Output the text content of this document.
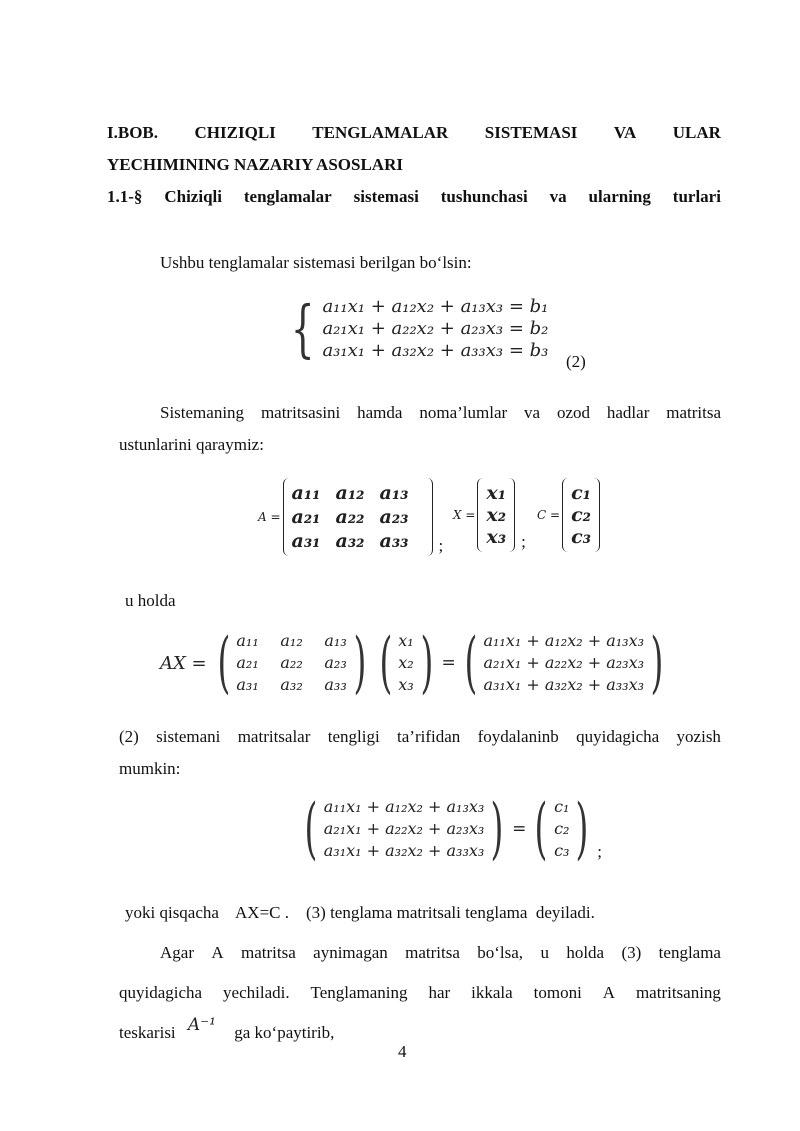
I.BOB. CHIZIQLI TENGLAMALAR SISTEMASI VA ULAR
YECHIMINING NAZARIY ASOSLARI
1.1-§ Chiziqli tenglamalar sistemasi tushunchasi va ularning turlari
Ushbu tenglamalar sistemasi berilgan bo‘lsin:
{ a₁₁x₁ + a₁₂x₂ + a₁₃x₃ = b₁
a₂₁x₁ + a₂₂x₂ + a₂₃x₃ = b₂
a₃₁x₁ + a₃₂x₂ + a₃₃x₃ = b₃
(2)
Sistemaning matritsasini hamda noma’lumlar va ozod hadlar matritsa
ustunlarini qaraymiz:
A =
a₁₁ a₁₂ a₁₃
a₂₁ a₂₂ a₂₃
a₃₁ a₃₂ a₃₃	;
X =
x₁
x₂
x₃ ;
C =
c₁
c₂
c₃
u holda
AX = ( a₁₁ a₁₂ a₁₃
a₂₁ a₂₂ a₂₃
a₃₁ a₃₂ a₃₃ ) ( x₁
x₂
x₃ ) = ( a₁₁x₁ + a₁₂x₂ + a₁₃x₃
a₂₁x₁ + a₂₂x₂ + a₂₃x₃
a₃₁x₁ + a₃₂x₂ + a₃₃x₃ )
(2) sistemani matritsalar tengligi ta’rifidan foydalaninb quyidagicha yozish
mumkin:
( a₁₁x₁ + a₁₂x₂ + a₁₃x₃
a₂₁x₁ + a₂₂x₂ + a₂₃x₃
a₃₁x₁ + a₃₂x₂ + a₃₃x₃ ) = ( c₁
c₂
c₃ ) ;
yoki qisqacha    AX=C .    (3) tenglama matritsali tenglama  deyiladi.
Agar A matritsa aynimagan matritsa bo‘lsa, u holda (3) tenglama
quyidagicha yechiladi. Tenglamaning har ikkala tomoni A matritsaning
teskarisi A⁻¹ ga ko‘paytirib,
4
